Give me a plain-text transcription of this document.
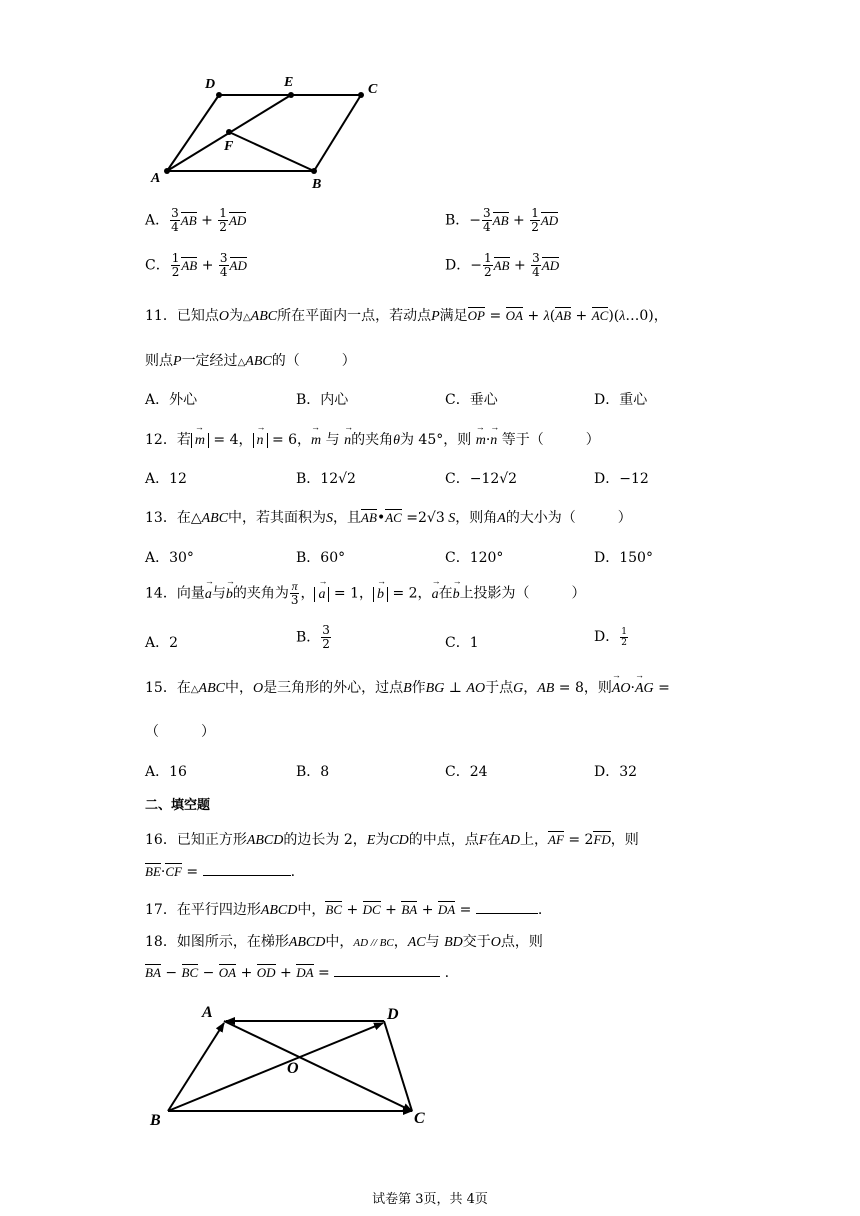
D	E	C
F
A	B
A． $\frac{3}{4}$ AB + $\frac{1}{2}$ AD	B．− $\frac{3}{4}$ AB + $\frac{1}{2}$ AD
C． $\frac{1}{2}$ AB + $\frac{3}{4}$ AD	D．− $\frac{1}{2}$ AB + $\frac{3}{4}$ AD
11．已知点O为△ABC所在平面内一点，若动点P满足OP = OA + λ(AB + AC)(λ…0)，
则点P一定经过△ABC的（　　　）
A．外心	B．内心	C．垂心	D．重心
12．若 → m = 4， → n = 6，→ m 与 → n的夹角θ为 45°，则 → m·→ n 等于（　　　）
A．12	B．12√2	C．−12√2	D．−12
13．在△ABC中，若其面积为S，且AB•AC =2√3 S，则角A的大小为（　　　）
A．30°	B．60°	C．120°	D．150°
14．向量→ a与→ b的夹角为 $\frac{\pi}{3}$ ， → a = 1， → b = 2，→ a在→ b上投影为（　　　）
A．2	B． $\frac{3}{2}$	C．1	D． $\frac{1}{2}$
15．在△ABC中，O是三角形的外心，过点B作BG ⊥ AO于点G，AB = 8，则→ AO·→ AG =
（　　　）
A．16	B．8	C．24	D．32
二、填空题
16．已知正方形ABCD的边长为 2，E为CD的中点，点F在AD上，AF = 2FD，则
BE·CF =	.
17．在平行四边形ABCD中，BC + DC + BA + DA =	.
18．如图所示，在梯形ABCD中，AD // BC，AC与 BD交于O点，则
BA − BC − OA + OD + DA =	.
A	D
O
B	C
试卷第 3页，共 4页
